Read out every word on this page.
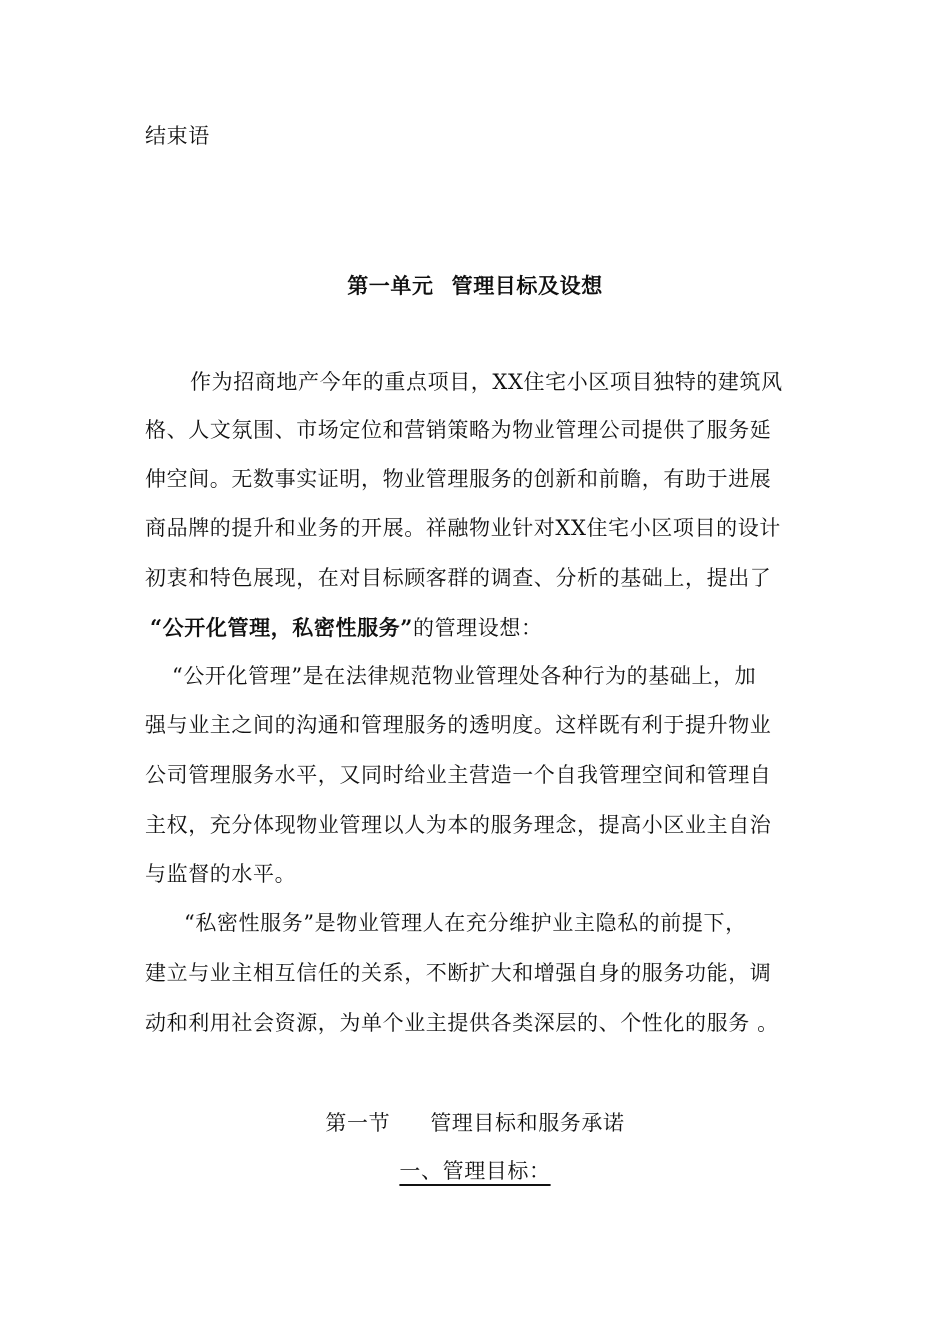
结束语
第一单元 管理目标及设想
作为招商地产今年的重点项目，XX住宅小区项目独特的建筑风
格、人文氛围、市场定位和营销策略为物业管理公司提供了服务延
伸空间。无数事实证明，物业管理服务的创新和前瞻，有助于进展
商品牌的提升和业务的开展。祥融物业针对XX住宅小区项目的设计
初衷和特色展现，在对目标顾客群的调查、分析的基础上，提出了
“公开化管理，私密性服务”的管理设想：
“公开化管理”是在法律规范物业管理处各种行为的基础上，加
强与业主之间的沟通和管理服务的透明度。这样既有利于提升物业
公司管理服务水平，又同时给业主营造一个自我管理空间和管理自
主权，充分体现物业管理以人为本的服务理念，提高小区业主自治
与监督的水平。
“私密性服务”是物业管理人在充分维护业主隐私的前提下，
建立与业主相互信任的关系，不断扩大和增强自身的服务功能，调
动和利用社会资源，为单个业主提供各类深层的、个性化的服务 。
第一节 管理目标和服务承诺
一、管理目标：
